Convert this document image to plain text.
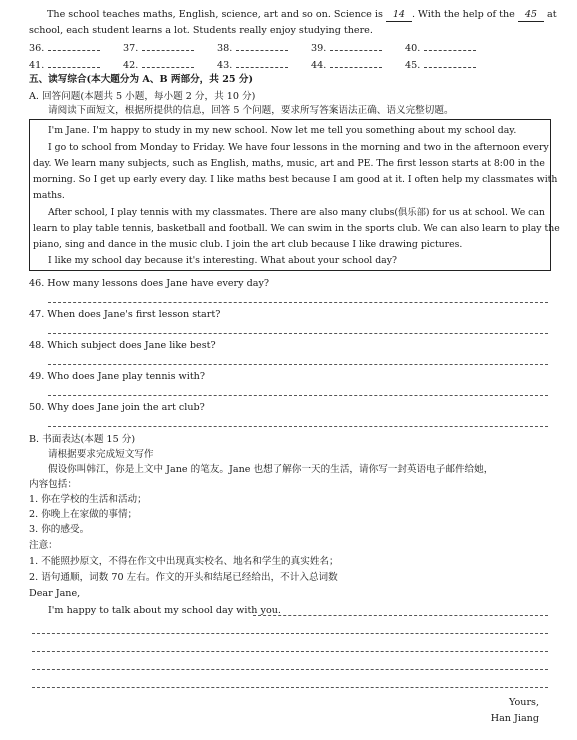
The school teaches maths, English, science, art and so on. Science is  14 . With the help of the  45  at
school, each student learns a lot. Students really enjoy studying there.
36.	37.	38.	39.	40.
41.	42.	43.	44.	45.
五、读写综合(本大题分为 A、B 两部分，共 25 分)
A. 回答问题(本题共 5 小题，每小题 2 分，共 10 分)
请阅读下面短文，根据所提供的信息，回答 5 个问题，要求所写答案语法正确、语义完整切题。
I'm Jane. I'm happy to study in my new school. Now let me tell you something about my school day.
I go to school from Monday to Friday. We have four lessons in the morning and two in the afternoon every
day. We learn many subjects, such as English, maths, music, art and PE. The first lesson starts at 8:00 in the
morning. So I get up early every day. I like maths best because I am good at it. I often help my classmates with
maths.
After school, I play tennis with my classmates. There are also many clubs(俱乐部) for us at school. We can
learn to play table tennis, basketball and football. We can swim in the sports club. We can also learn to play the
piano, sing and dance in the music club. I join the art club because I like drawing pictures.
I like my school day because it's interesting. What about your school day?
46. How many lessons does Jane have every day?
47. When does Jane's first lesson start?
48. Which subject does Jane like best?
49. Who does Jane play tennis with?
50. Why does Jane join the art club?
B. 书面表达(本题 15 分)
请根据要求完成短文写作
假设你叫韩江，你是上文中 Jane 的笔友。Jane 也想了解你一天的生活，请你写一封英语电子邮件给她，
内容包括：
1. 你在学校的生活和活动；
2. 你晚上在家做的事情；
3. 你的感受。
注意：
1. 不能照抄原文，不得在作文中出现真实校名、地名和学生的真实姓名；
2. 语句通顺，词数 70 左右。作文的开头和结尾已经给出，不计入总词数
Dear Jane,
I'm happy to talk about my school day with you.
Yours,
Han Jiang
